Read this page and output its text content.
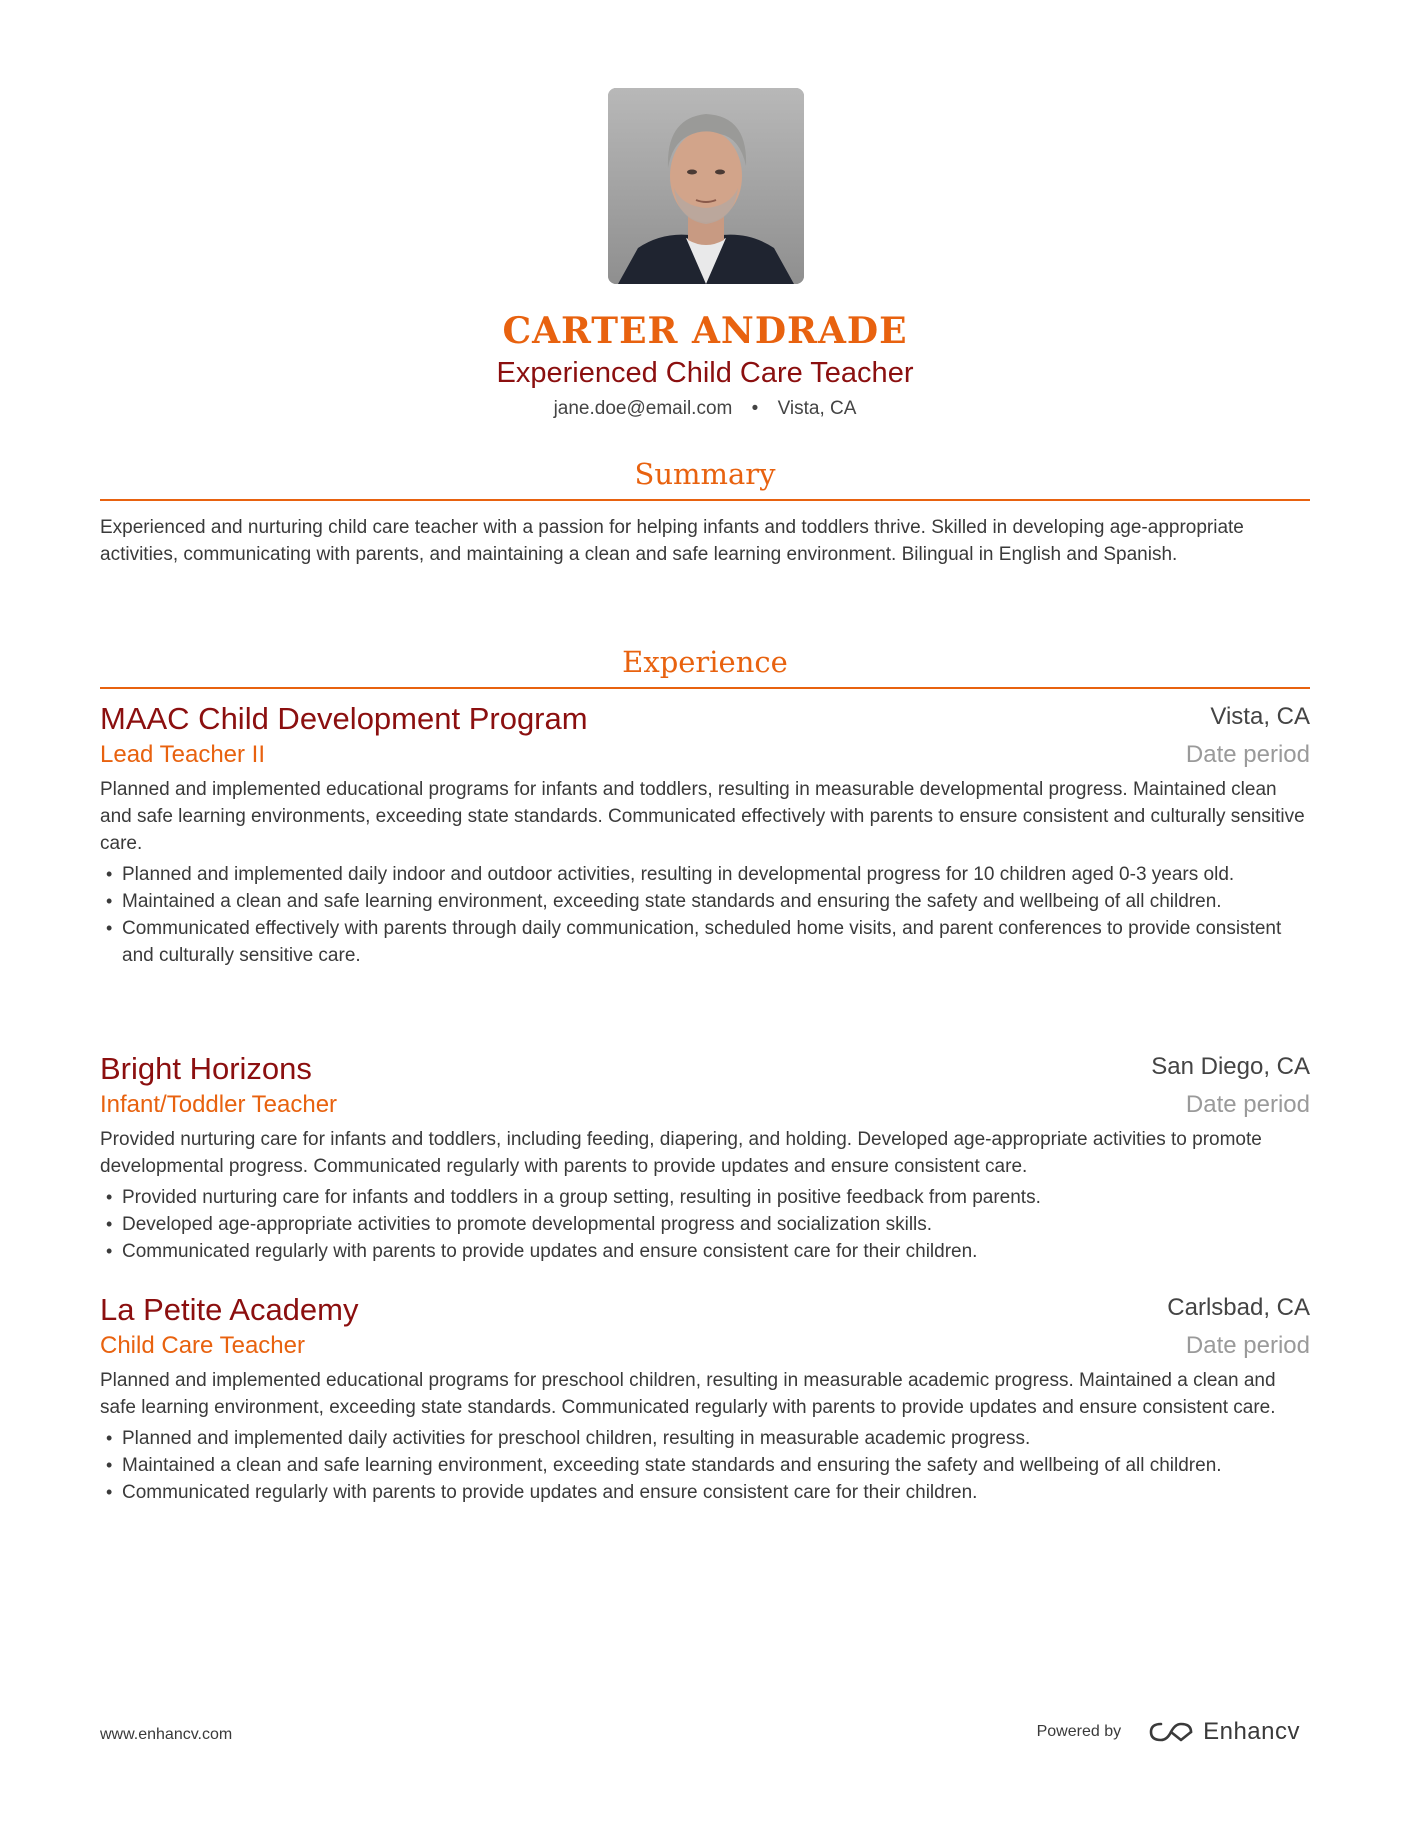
CARTER ANDRADE
Experienced Child Care Teacher
jane.doe@email.com • Vista, CA
Summary
Experienced and nurturing child care teacher with a passion for helping infants and toddlers thrive. Skilled in developing age-appropriate activities, communicating with parents, and maintaining a clean and safe learning environment. Bilingual in English and Spanish.
Experience
MAAC Child Development Program	Vista, CA
Lead Teacher II	Date period
Planned and implemented educational programs for infants and toddlers, resulting in measurable developmental progress. Maintained clean and safe learning environments, exceeding state standards. Communicated effectively with parents to ensure consistent and culturally sensitive care.
• Planned and implemented daily indoor and outdoor activities, resulting in developmental progress for 10 children aged 0-3 years old.
• Maintained a clean and safe learning environment, exceeding state standards and ensuring the safety and wellbeing of all children.
• Communicated effectively with parents through daily communication, scheduled home visits, and parent conferences to provide consistent and culturally sensitive care.
Bright Horizons	San Diego, CA
Infant/Toddler Teacher	Date period
Provided nurturing care for infants and toddlers, including feeding, diapering, and holding. Developed age-appropriate activities to promote developmental progress. Communicated regularly with parents to provide updates and ensure consistent care.
• Provided nurturing care for infants and toddlers in a group setting, resulting in positive feedback from parents.
• Developed age-appropriate activities to promote developmental progress and socialization skills.
• Communicated regularly with parents to provide updates and ensure consistent care for their children.
La Petite Academy	Carlsbad, CA
Child Care Teacher	Date period
Planned and implemented educational programs for preschool children, resulting in measurable academic progress. Maintained a clean and safe learning environment, exceeding state standards. Communicated regularly with parents to provide updates and ensure consistent care.
• Planned and implemented daily activities for preschool children, resulting in measurable academic progress.
• Maintained a clean and safe learning environment, exceeding state standards and ensuring the safety and wellbeing of all children.
• Communicated regularly with parents to provide updates and ensure consistent care for their children.
www.enhancv.com	Powered by	Enhancv
